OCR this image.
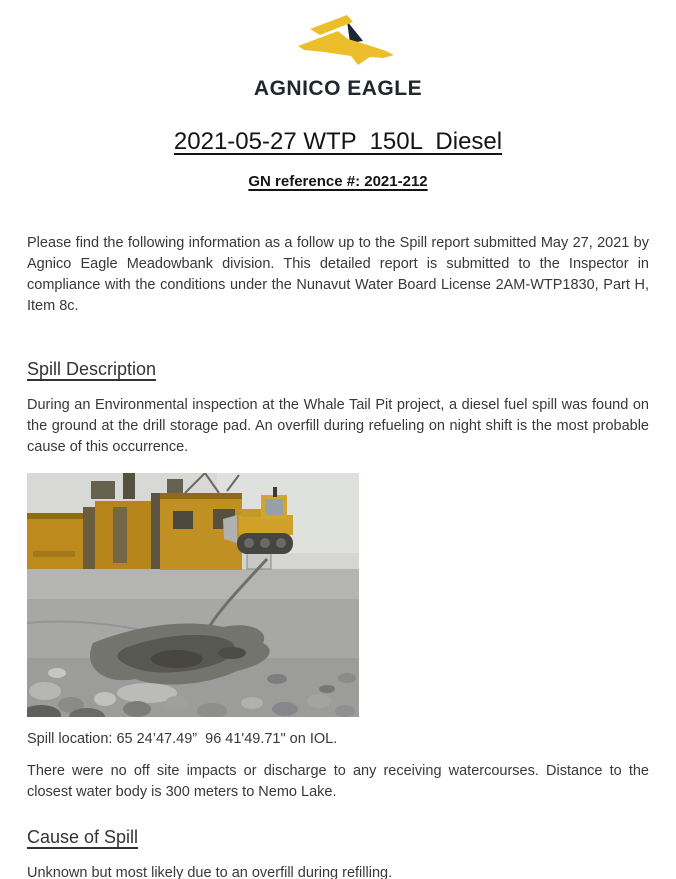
AGNICO EAGLE
2021-05-27 WTP  150L  Diesel
GN reference #: 2021-212

Please find the following information as a follow up to the Spill report submitted May 27, 2021 by Agnico Eagle Meadowbank division. This detailed report is submitted to the Inspector in compliance with the conditions under the Nunavut Water Board License 2AM-WTP1830, Part H, Item 8c.

Spill Description

During an Environmental inspection at the Whale Tail Pit project, a diesel fuel spill was found on the ground at the drill storage pad. An overfill during refueling on night shift is the most probable cause of this occurrence.

Spill location: 65 24’47.49”  96 41'49.71" on IOL.

There were no off site impacts or discharge to any receiving watercourses. Distance to the closest water body is 300 meters to Nemo Lake.

Cause of Spill

Unknown but most likely due to an overfill during refilling.
